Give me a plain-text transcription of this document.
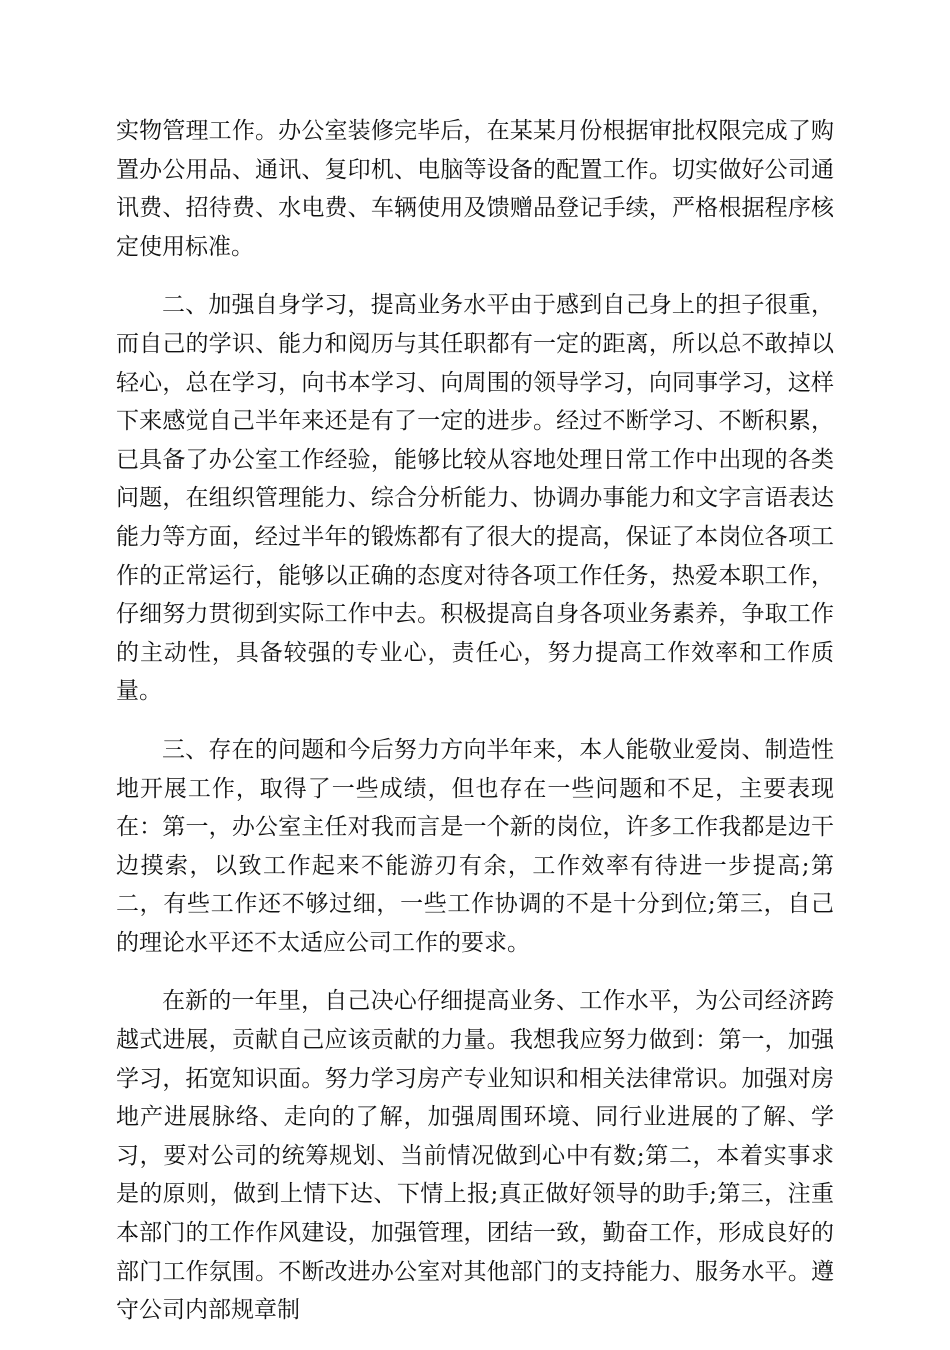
实物管理工作。办公室装修完毕后，在某某月份根据审批权限完成了购置办公用品、通讯、复印机、电脑等设备的配置工作。切实做好公司通讯费、招待费、水电费、车辆使用及馈赠品登记手续，严格根据程序核定使用标准。

二、加强自身学习，提高业务水平由于感到自己身上的担子很重，而自己的学识、能力和阅历与其任职都有一定的距离，所以总不敢掉以轻心，总在学习，向书本学习、向周围的领导学习，向同事学习，这样下来感觉自己半年来还是有了一定的进步。经过不断学习、不断积累，已具备了办公室工作经验，能够比较从容地处理日常工作中出现的各类问题，在组织管理能力、综合分析能力、协调办事能力和文字言语表达能力等方面，经过半年的锻炼都有了很大的提高，保证了本岗位各项工作的正常运行，能够以正确的态度对待各项工作任务，热爱本职工作，仔细努力贯彻到实际工作中去。积极提高自身各项业务素养，争取工作的主动性，具备较强的专业心，责任心，努力提高工作效率和工作质量。

三、存在的问题和今后努力方向半年来，本人能敬业爱岗、制造性地开展工作，取得了一些成绩，但也存在一些问题和不足，主要表现在：第一，办公室主任对我而言是一个新的岗位，许多工作我都是边干边摸索，以致工作起来不能游刃有余，工作效率有待进一步提高;第二，有些工作还不够过细，一些工作协调的不是十分到位;第三，自己的理论水平还不太适应公司工作的要求。

在新的一年里，自己决心仔细提高业务、工作水平，为公司经济跨越式进展，贡献自己应该贡献的力量。我想我应努力做到：第一，加强学习，拓宽知识面。努力学习房产专业知识和相关法律常识。加强对房地产进展脉络、走向的了解，加强周围环境、同行业进展的了解、学习，要对公司的统筹规划、当前情况做到心中有数;第二，本着实事求是的原则，做到上情下达、下情上报;真正做好领导的助手;第三，注重本部门的工作作风建设，加强管理，团结一致，勤奋工作，形成良好的部门工作氛围。不断改进办公室对其他部门的支持能力、服务水平。遵守公司内部规章制
